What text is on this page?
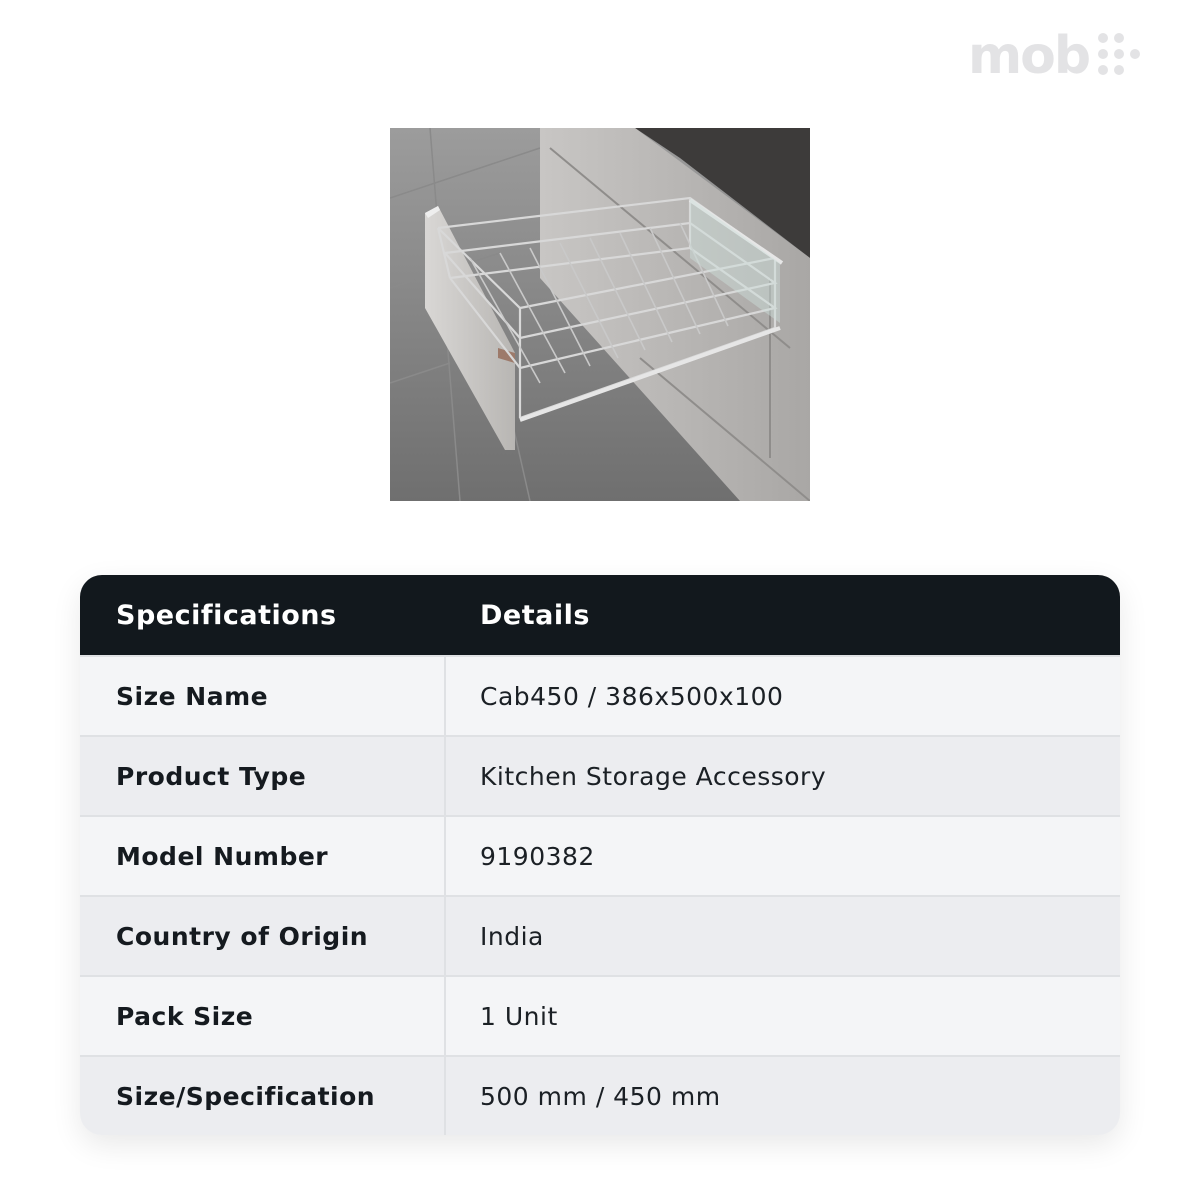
mob
Specifications	Details
Size Name	Cab450 / 386x500x100
Product Type	Kitchen Storage Accessory
Model Number	9190382
Country of Origin	India
Pack Size	1 Unit
Size/Specification	500 mm / 450 mm
